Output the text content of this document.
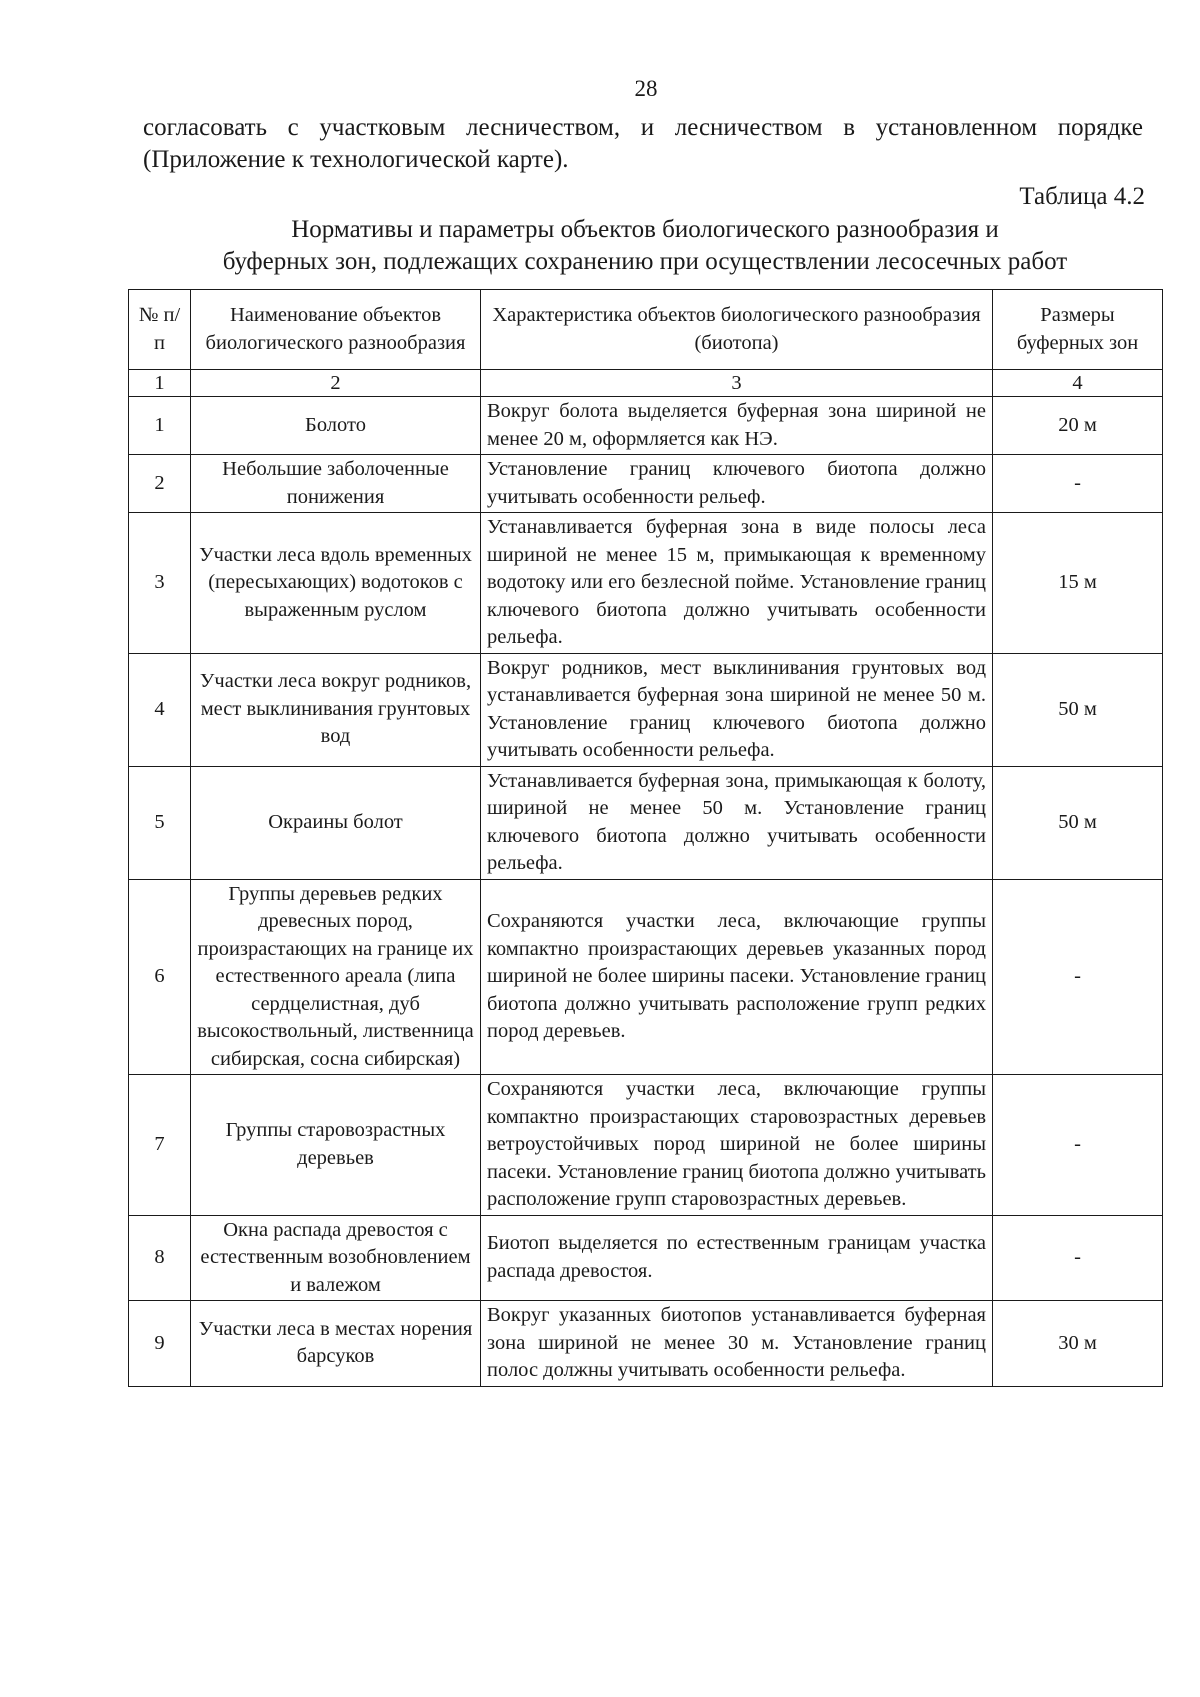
28
согласовать с участковым лесничеством, и лесничеством в установленном порядке (Приложение к технологической карте).
Таблица 4.2
Нормативы и параметры объектов биологического разнообразия и
буферных зон, подлежащих сохранению при осуществлении лесосечных работ
№ п/п	Наименование объектов биологического разнообразия	Характеристика объектов биологического разнообразия (биотопа)	Размеры буферных зон
1	2	3	4
1	Болото	Вокруг болота выделяется буферная зона шириной не менее 20 м, оформляется как НЭ.	20 м
2	Небольшие заболоченные понижения	Установление границ ключевого биотопа должно учитывать особенности рельеф.	-
3	Участки леса вдоль временных (пересыхающих) водотоков с выраженным руслом	Устанавливается буферная зона в виде полосы леса шириной не менее 15 м, примыкающая к временному водотоку или его безлесной пойме. Установление границ ключевого биотопа должно учитывать особенности рельефа.	15 м
4	Участки леса вокруг родников, мест выклинивания грунтовых вод	Вокруг родников, мест выклинивания грунтовых вод устанавливается буферная зона шириной не менее 50 м. Установление границ ключевого биотопа должно учитывать особенности рельефа.	50 м
5	Окраины болот	Устанавливается буферная зона, примыкающая к болоту, шириной не менее 50 м. Установление границ ключевого биотопа должно учитывать особенности рельефа.	50 м
6	Группы деревьев редких древесных пород, произрастающих на границе их естественного ареала (липа сердцелистная, дуб высокоствольный, лиственница сибирская, сосна сибирская)	Сохраняются участки леса, включающие группы компактно произрастающих деревьев указанных пород шириной не более ширины пасеки. Установление границ биотопа должно учитывать расположение групп редких пород деревьев.	-
7	Группы старовозрастных деревьев	Сохраняются участки леса, включающие группы компактно произрастающих старовозрастных деревьев ветроустойчивых пород шириной не более ширины пасеки. Установление границ биотопа должно учитывать расположение групп старовозрастных деревьев.	-
8	Окна распада древостоя с естественным возобновлением и валежом	Биотоп выделяется по естественным границам участка распада древостоя.	-
9	Участки леса в местах норения барсуков	Вокруг указанных биотопов устанавливается буферная зона шириной не менее 30 м. Установление границ полос должны учитывать особенности рельефа.	30 м
